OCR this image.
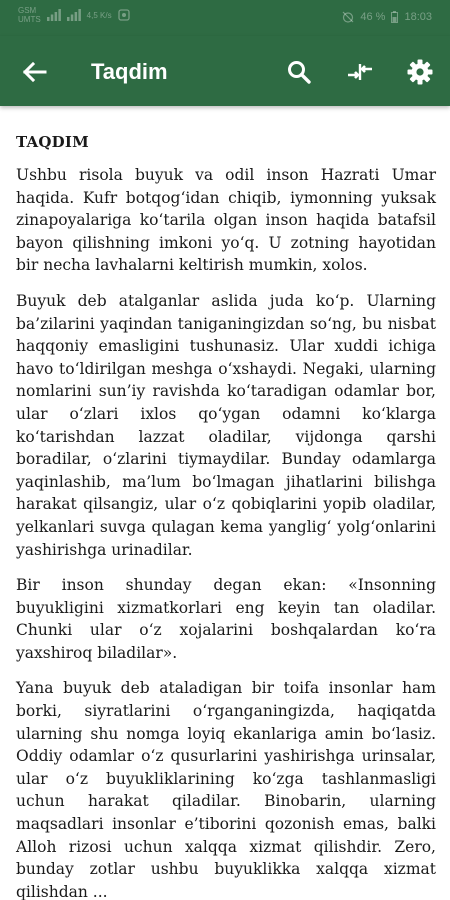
GSM
UMTS	4,5 K/s	46 % 18:03
Taqdim
TAQDIM

Ushbu risola buyuk va odil inson Hazrati Umar haqida. Kufr botqog‘idan chiqib, iymonning yuksak zinapoyalariga ko‘tarila olgan inson haqida batafsil bayon qilishning imkoni yo‘q. U zotning hayotidan bir necha lavhalarni keltirish mumkin, xolos.

Buyuk deb atalganlar aslida juda ko‘p. Ularning ba’zilarini yaqindan taniganingizdan so‘ng, bu nisbat haqqoniy emasligini tushunasiz. Ular xuddi ichiga havo to‘ldirilgan meshga o‘xshaydi. Negaki, ularning nomlarini sun’iy ravishda ko‘taradigan odamlar bor, ular o‘zlari ixlos qo‘ygan odamni ko‘klarga ko‘tarishdan lazzat oladilar, vijdonga qarshi boradilar, o‘zlarini tiymaydilar. Bunday odamlarga yaqinlashib, ma’lum bo‘lmagan jihatlarini bilishga harakat qilsangiz, ular o‘z qobiqlarini yopib oladilar, yelkanlari suvga qulagan kema yanglig‘ yolg‘onlarini yashirishga urinadilar.

Bir inson shunday degan ekan: «Insonning buyukligini xizmatkorlari eng keyin tan oladilar. Chunki ular o‘z xojalarini boshqalardan ko‘ra yaxshiroq biladilar».

Yana buyuk deb ataladigan bir toifa insonlar ham borki, siyratlarini o‘rganganingizda, haqiqatda ularning shu nomga loyiq ekanlariga amin bo‘lasiz. Oddiy odamlar o‘z qusurlarini yashirishga urinsalar, ular o‘z buyukliklarining ko‘zga tashlanmasligi uchun harakat qiladilar. Binobarin, ularning maqsadlari insonlar e’tiborini qozonish emas, balki Alloh rizosi uchun xalqqa xizmat qilishdir. Zero, bunday zotlar ushbu buyuklikka xalqqa xizmat qilishdan ...
